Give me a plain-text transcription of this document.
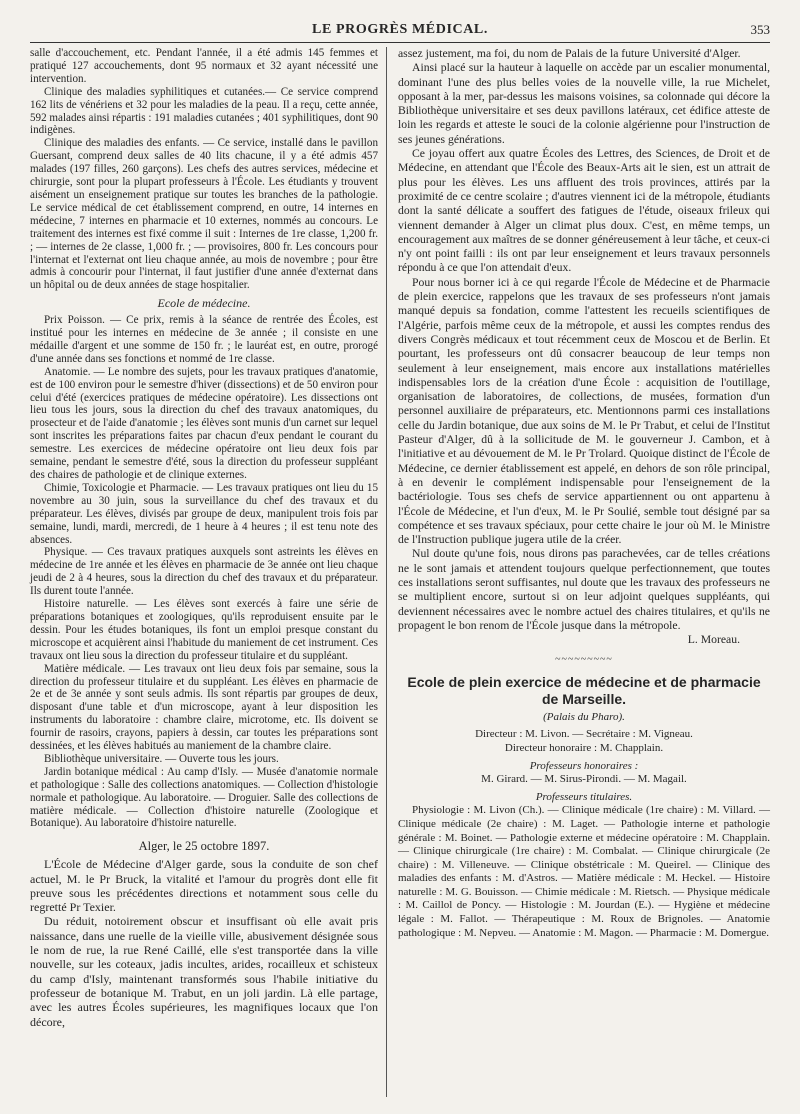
LE PROGRÈS MÉDICAL.	353

salle d'accouchement, etc. Pendant l'année, il a été admis 145 femmes et pratiqué 127 accouchements, dont 95 normaux et 32 ayant nécessité une intervention.

Clinique des maladies syphilitiques et cutanées.— Ce service comprend 162 lits de vénériens et 32 pour les maladies de la peau. Il a reçu, cette année, 592 malades ainsi répartis : 191 maladies cutanées ; 401 syphilitiques, dont 90 indigènes.

Clinique des maladies des enfants. — Ce service, installé dans le pavillon Guersant, comprend deux salles de 40 lits chacune, il y a été admis 457 malades (197 filles, 260 garçons). Les chefs des autres services, médecine et chirurgie, sont pour la plupart professeurs à l'École. Les étudiants y trouvent aisément un enseignement pratique sur toutes les branches de la pathologie. Le service médical de cet établissement comprend, en outre, 14 internes en médecine, 7 internes en pharmacie et 10 externes, nommés au concours. Le traitement des internes est fixé comme il suit : Internes de 1re classe, 1,200 fr. ; — internes de 2e classe, 1,000 fr. ; — provisoires, 800 fr. Les concours pour l'internat et l'externat ont lieu chaque année, au mois de novembre ; pour être admis à concourir pour l'internat, il faut justifier d'une année d'externat dans un hôpital ou de deux années de stage hospitalier.

Ecole de médecine.

Prix Poisson. — Ce prix, remis à la séance de rentrée des Écoles, est institué pour les internes en médecine de 3e année ; il consiste en une médaille d'argent et une somme de 150 fr. ; le lauréat est, en outre, prorogé d'une année dans ses fonctions et nommé de 1re classe.

Anatomie. — Le nombre des sujets, pour les travaux pratiques d'anatomie, est de 100 environ pour le semestre d'hiver (dissections) et de 50 environ pour celui d'été (exercices pratiques de médecine opératoire). Les dissections ont lieu tous les jours, sous la direction du chef des travaux anatomiques, du prosecteur et de l'aide d'anatomie ; les élèves sont munis d'un carnet sur lequel sont inscrites les préparations faites par chacun d'eux pendant le courant du semestre. Les exercices de médecine opératoire ont lieu deux fois par semaine, pendant le semestre d'été, sous la direction du professeur suppléant des chaires de pathologie et de clinique externes.

Chimie, Toxicologie et Pharmacie. — Les travaux pratiques ont lieu du 15 novembre au 30 juin, sous la surveillance du chef des travaux et du préparateur. Les élèves, divisés par groupe de deux, manipulent trois fois par semaine, lundi, mardi, mercredi, de 1 heure à 4 heures ; il est tenu note des absences.

Physique. — Ces travaux pratiques auxquels sont astreints les élèves en médecine de 1re année et les élèves en pharmacie de 3e année ont lieu chaque jeudi de 2 à 4 heures, sous la direction du chef des travaux et du préparateur. Ils durent toute l'année.

Histoire naturelle. — Les élèves sont exercés à faire une série de préparations botaniques et zoologiques, qu'ils reproduisent ensuite par le dessin. Pour les études botaniques, ils font un emploi presque constant du microscope et acquièrent ainsi l'habitude du maniement de cet instrument. Ces travaux ont lieu sous la direction du professeur titulaire et du suppléant.

Matière médicale. — Les travaux ont lieu deux fois par semaine, sous la direction du professeur titulaire et du suppléant. Les élèves en pharmacie de 2e et de 3e année y sont seuls admis. Ils sont répartis par groupes de deux, disposant d'une table et d'un microscope, ayant à leur disposition les instruments du laboratoire : chambre claire, microtome, etc. Ils doivent se fournir de rasoirs, crayons, papiers à dessin, car toutes les préparations sont dessinées, et les élèves habitués au maniement de la chambre claire.

Bibliothèque universitaire. — Ouverte tous les jours.

Jardin botanique médical : Au camp d'Isly. — Musée d'anatomie normale et pathologique : Salle des collections anatomiques. — Collection d'histologie normale et pathologique. Au laboratoire. — Droguier. Salle des collections de matière médicale. — Collection d'histoire naturelle (Zoologique et Botanique). Au laboratoire d'histoire naturelle.

Alger, le 25 octobre 1897.

L'École de Médecine d'Alger garde, sous la conduite de son chef actuel, M. le Pr Bruck, la vitalité et l'amour du progrès dont elle fit preuve sous les précédentes directions et notamment sous celle du regretté Pr Texier.

Du réduit, notoirement obscur et insuffisant où elle avait pris naissance, dans une ruelle de la vieille ville, abusivement désignée sous le nom de rue, la rue René Caillé, elle s'est transportée dans la ville nouvelle, sur les coteaux, jadis incultes, arides, rocailleux et schisteux du camp d'Isly, maintenant transformés sous l'habile initiative du professeur de botanique M. Trabut, en un joli jardin. Là elle partage, avec les autres Écoles supérieures, les magnifiques locaux que l'on décore,

assez justement, ma foi, du nom de Palais de la future Université d'Alger.

Ainsi placé sur la hauteur à laquelle on accède par un escalier monumental, dominant l'une des plus belles voies de la nouvelle ville, la rue Michelet, opposant à la mer, par-dessus les maisons voisines, sa colonnade qui décore la Bibliothèque universitaire et ses deux pavillons latéraux, cet édifice atteste de loin les regards et atteste le souci de la colonie algérienne pour l'instruction de ses jeunes générations.

Ce joyau offert aux quatre Écoles des Lettres, des Sciences, de Droit et de Médecine, en attendant que l'École des Beaux-Arts ait le sien, est un attrait de plus pour les élèves. Les uns affluent des trois provinces, attirés par la proximité de ce centre scolaire ; d'autres viennent ici de la métropole, étudiants dont la santé délicate a souffert des fatigues de l'étude, oiseaux frileux qui viennent demander à Alger un climat plus doux. C'est, en même temps, un encouragement aux maîtres de se donner généreusement à leur tâche, et ceux-ci n'y ont point failli : ils ont par leur enseignement et leurs travaux personnels répondu à ce que l'on attendait d'eux.

Pour nous borner ici à ce qui regarde l'École de Médecine et de Pharmacie de plein exercice, rappelons que les travaux de ses professeurs n'ont jamais manqué depuis sa fondation, comme l'attestent les recueils scientifiques de l'Algérie, parfois même ceux de la métropole, et aussi les comptes rendus des divers Congrès médicaux et tout récemment ceux de Moscou et de Berlin. Et pourtant, les professeurs ont dû consacrer beaucoup de leur temps non seulement à leur enseignement, mais encore aux installations matérielles indispensables lors de la création d'une École : acquisition de l'outillage, organisation de laboratoires, de collections, de musées, formation d'un personnel auxiliaire de préparateurs, etc. Mentionnons parmi ces installations celle du Jardin botanique, due aux soins de M. le Pr Trabut, et celui de l'Institut Pasteur d'Alger, dû à la sollicitude de M. le gouverneur J. Cambon, et à l'initiative et au dévouement de M. le Pr Trolard. Quoique distinct de l'École de Médecine, ce dernier établissement est appelé, en dehors de son rôle principal, à en devenir le complément indispensable pour l'enseignement de la bactériologie. Tous ses chefs de service appartiennent ou ont appartenu à l'École de Médecine, et l'un d'eux, M. le Pr Soulié, semble tout désigné par sa compétence et ses travaux spéciaux, pour cette chaire le jour où M. le Ministre de l'Instruction publique jugera utile de la créer.

Nul doute qu'une fois, nous dirons pas parachevées, car de telles créations ne le sont jamais et attendent toujours quelque perfectionnement, que toutes ces installations seront suffisantes, nul doute que les travaux des professeurs ne se multiplient encore, surtout si on leur adjoint quelques suppléants, qui deviennent nécessaires avec le nombre actuel des chaires titulaires, et qu'ils ne propagent le bon renom de l'École jusque dans la métropole.

L. Moreau.

~~~~~~~~~

Ecole de plein exercice de médecine et de pharmacie de Marseille.

(Palais du Pharo).

Directeur : M. Livon. — Secrétaire : M. Vigneau.

Directeur honoraire : M. Chapplain.

Professeurs honoraires :

M. Girard. — M. Sirus-Pirondi. — M. Magail.

Professeurs titulaires.

Physiologie : M. Livon (Ch.). — Clinique médicale (1re chaire) : M. Villard. — Clinique médicale (2e chaire) : M. Laget. — Pathologie interne et pathologie générale : M. Boinet. — Pathologie externe et médecine opératoire : M. Chapplain. — Clinique chirurgicale (1re chaire) : M. Combalat. — Clinique chirurgicale (2e chaire) : M. Villeneuve. — Clinique obstétricale : M. Queirel. — Clinique des maladies des enfants : M. d'Astros. — Matière médicale : M. Heckel. — Histoire naturelle : M. G. Bouisson. — Chimie médicale : M. Rietsch. — Physique médicale : M. Caillol de Poncy. — Histologie : M. Jourdan (E.). — Hygiène et médecine légale : M. Fallot. — Thérapeutique : M. Roux de Brignoles. — Anatomie pathologique : M. Nepveu. — Anatomie : M. Magon. — Pharmacie : M. Domergue.
